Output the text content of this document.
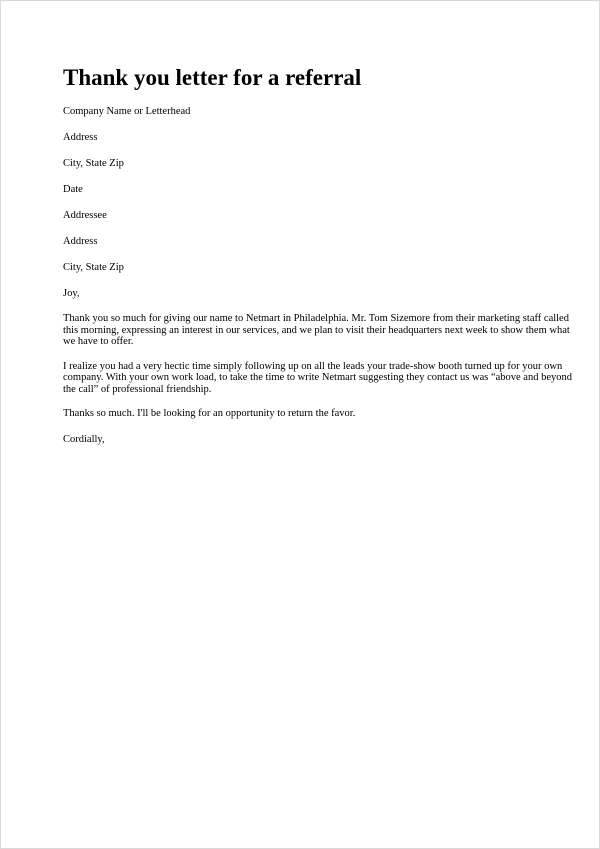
Thank you letter for a referral

Company Name or Letterhead

Address

City, State Zip

Date

Addressee

Address

City, State Zip

Joy,

Thank you so much for giving our name to Netmart in Philadelphia. Mr. Tom Sizemore from their marketing staff called this morning, expressing an interest in our services, and we plan to visit their headquarters next week to show them what we have to offer.

I realize you had a very hectic time simply following up on all the leads your trade-show booth turned up for your own company. With your own work load, to take the time to write Netmart suggesting they contact us was “above and beyond the call” of professional friendship.

Thanks so much. I'll be looking for an opportunity to return the favor.

Cordially,
